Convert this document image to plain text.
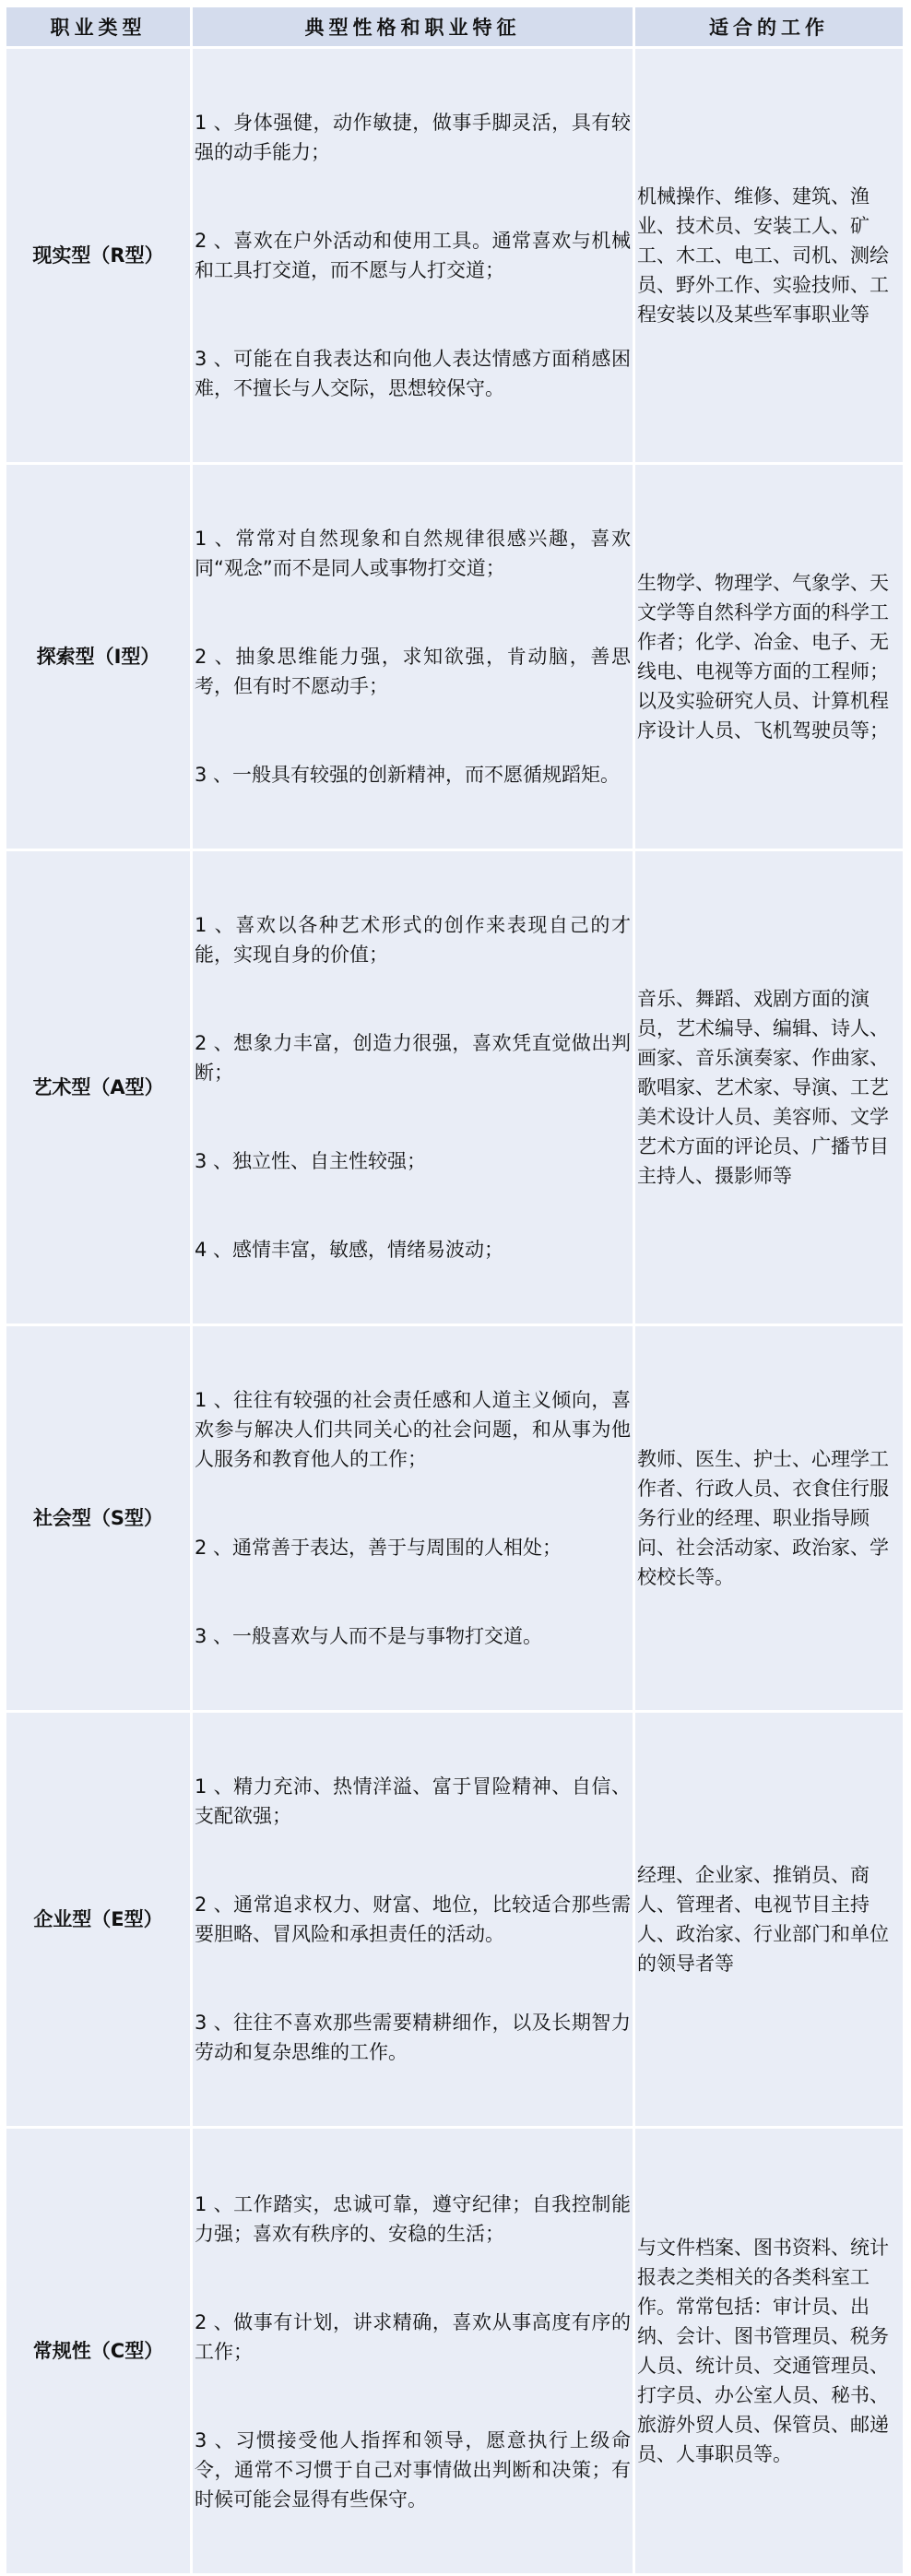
职业类型	典型性格和职业特征	适合的工作
现实型（R型）	1 、身体强健，动作敏捷，做事手脚灵活，具有较强的动手能力；

2 、喜欢在户外活动和使用工具。通常喜欢与机械和工具打交道，而不愿与人打交道；

3 、可能在自我表达和向他人表达情感方面稍感困难，不擅长与人交际，思想较保守。	机械操作、维修、建筑、渔业、技术员、安装工人、矿工、木工、电工、司机、测绘员、野外工作、实验技师、工程安装以及某些军事职业等
探索型（I型）	1 、常常对自然现象和自然规律很感兴趣，喜欢同“观念”而不是同人或事物打交道；

2 、抽象思维能力强，求知欲强，肯动脑，善思考，但有时不愿动手；

3 、一般具有较强的创新精神，而不愿循规蹈矩。	生物学、物理学、气象学、天文学等自然科学方面的科学工作者；化学、冶金、电子、无线电、电视等方面的工程师；以及实验研究人员、计算机程序设计人员、飞机驾驶员等；
艺术型（A型）	1 、喜欢以各种艺术形式的创作来表现自己的才能，实现自身的价值；

2 、想象力丰富，创造力很强，喜欢凭直觉做出判断；

3 、独立性、自主性较强；

4 、感情丰富，敏感，情绪易波动；	音乐、舞蹈、戏剧方面的演员，艺术编导、编辑、诗人、画家、音乐演奏家、作曲家、歌唱家、艺术家、导演、工艺美术设计人员、美容师、文学艺术方面的评论员、广播节目主持人、摄影师等
社会型（S型）	1 、往往有较强的社会责任感和人道主义倾向，喜欢参与解决人们共同关心的社会问题，和从事为他人服务和教育他人的工作；

2 、通常善于表达，善于与周围的人相处；

3 、一般喜欢与人而不是与事物打交道。	教师、医生、护士、心理学工作者、行政人员、衣食住行服务行业的经理、职业指导顾问、社会活动家、政治家、学校校长等。
企业型（E型）	1 、精力充沛、热情洋溢、富于冒险精神、自信、支配欲强；

2 、通常追求权力、财富、地位，比较适合那些需要胆略、冒风险和承担责任的活动。

3 、往往不喜欢那些需要精耕细作，以及长期智力劳动和复杂思维的工作。	经理、企业家、推销员、商人、管理者、电视节目主持人、政治家、行业部门和单位的领导者等
常规性（C型）	1 、工作踏实，忠诚可靠，遵守纪律；自我控制能力强；喜欢有秩序的、安稳的生活；

2 、做事有计划，讲求精确，喜欢从事高度有序的工作；

3 、习惯接受他人指挥和领导，愿意执行上级命令，通常不习惯于自己对事情做出判断和决策；有时候可能会显得有些保守。	与文件档案、图书资料、统计报表之类相关的各类科室工作。常常包括：审计员、出纳、会计、图书管理员、税务人员、统计员、交通管理员、打字员、办公室人员、秘书、旅游外贸人员、保管员、邮递员、人事职员等。
